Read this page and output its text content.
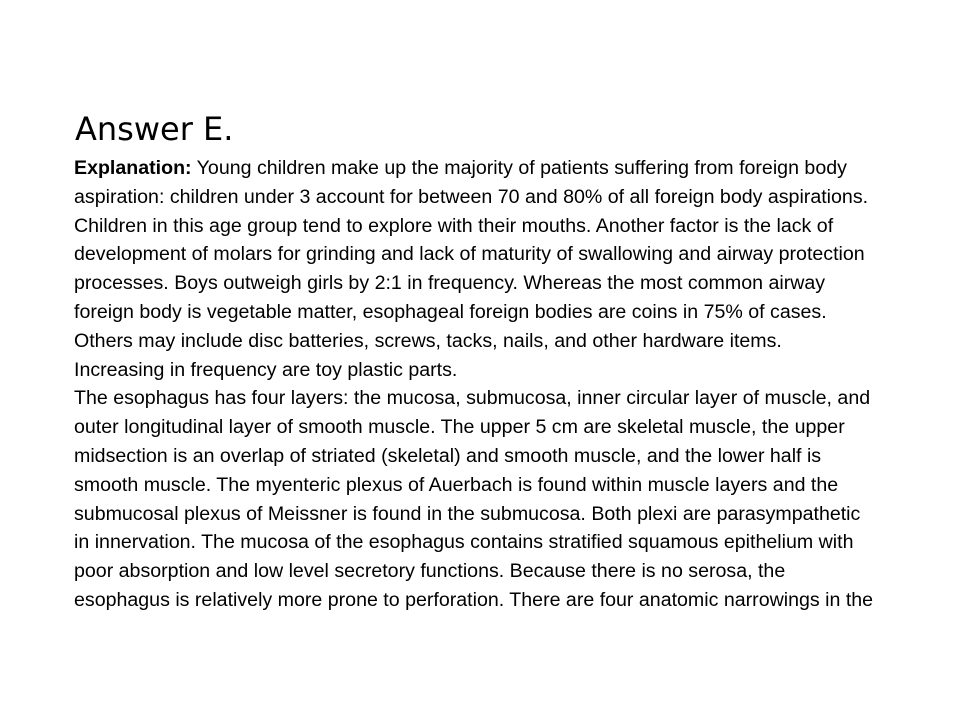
Answer E.

Explanation: Young children make up the majority of patients suffering from foreign body aspiration: children under 3 account for between 70 and 80% of all foreign body aspirations. Children in this age group tend to explore with their mouths. Another factor is the lack of development of molars for grinding and lack of maturity of swallowing and airway protection processes. Boys outweigh girls by 2:1 in frequency. Whereas the most common airway foreign body is vegetable matter, esophageal foreign bodies are coins in 75% of cases. Others may include disc batteries, screws, tacks, nails, and other hardware items. Increasing in frequency are toy plastic parts.

The esophagus has four layers: the mucosa, submucosa, inner circular layer of muscle, and outer longitudinal layer of smooth muscle. The upper 5 cm are skeletal muscle, the upper midsection is an overlap of striated (skeletal) and smooth muscle, and the lower half is smooth muscle. The myenteric plexus of Auerbach is found within muscle layers and the submucosal plexus of Meissner is found in the submucosa. Both plexi are parasympathetic in innervation. The mucosa of the esophagus contains stratified squamous epithelium with poor absorption and low level secretory functions. Because there is no serosa, the esophagus is relatively more prone to perforation. There are four anatomic narrowings in the
